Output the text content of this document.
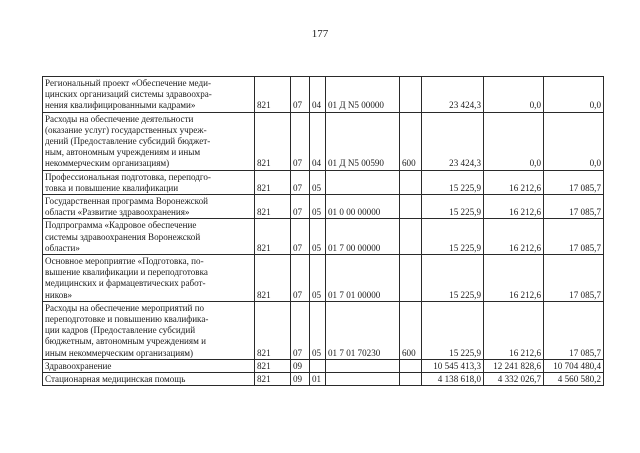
177
Региональный проект «Обеспечение меди-
цинских организаций системы здравоохра-
нения квалифицированными кадрами»	821	07	04	01 Д N5 00000		23 424,3	0,0	0,0
Расходы на обеспечение деятельности
(оказание услуг) государственных учреж-
дений (Предоставление субсидий бюджет-
ным, автономным учреждениям и иным
некоммерческим организациям)	821	07	04	01 Д N5 00590	600	23 424,3	0,0	0,0
Профессиональная подготовка, переподго-
товка и повышение квалификации	821	07	05			15 225,9	16 212,6	17 085,7
Государственная программа Воронежской
области «Развитие здравоохранения»	821	07	05	01 0 00 00000		15 225,9	16 212,6	17 085,7
Подпрограмма «Кадровое обеспечение
системы здравоохранения Воронежской
области»	821	07	05	01 7 00 00000		15 225,9	16 212,6	17 085,7
Основное мероприятие «Подготовка, по-
вышение квалификации и переподготовка
медицинских и фармацевтических работ-
ников»	821	07	05	01 7 01 00000		15 225,9	16 212,6	17 085,7
Расходы на обеспечение мероприятий по
переподготовке и повышению квалифика-
ции кадров (Предоставление субсидий
бюджетным, автономным учреждениям и
иным некоммерческим организациям)	821	07	05	01 7 01 70230	600	15 225,9	16 212,6	17 085,7
Здравоохранение	821	09				10 545 413,3	12 241 828,6	10 704 480,4
Стационарная медицинская помощь	821	09	01			4 138 618,0	4 332 026,7	4 560 580,2
